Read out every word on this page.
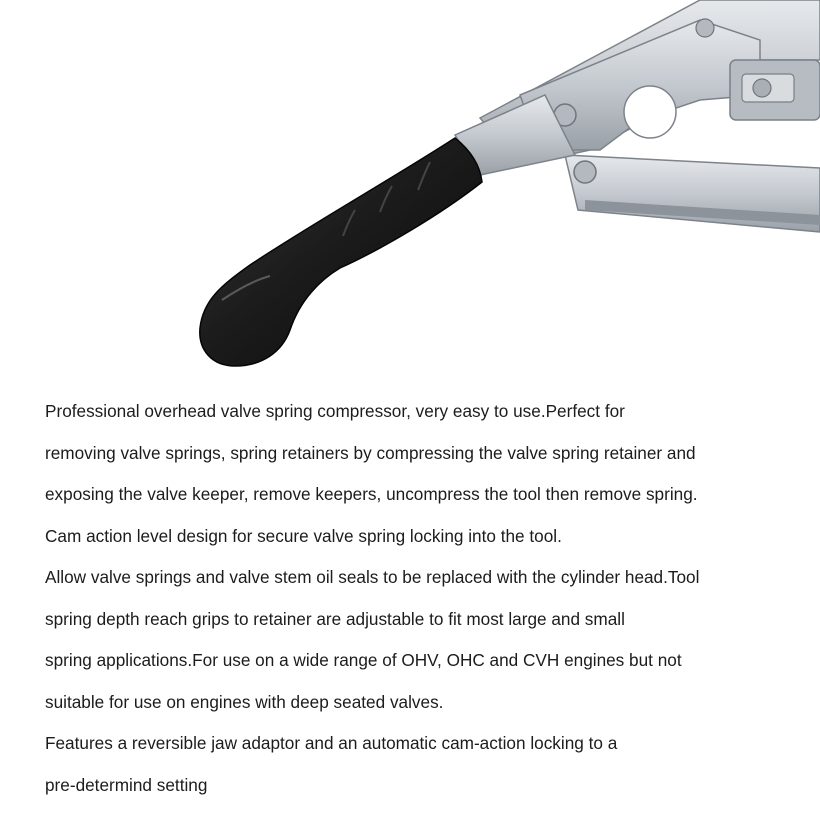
Professional overhead valve spring compressor, very easy to use.Perfect for
removing valve springs, spring retainers by compressing the valve spring retainer and
exposing the valve keeper, remove keepers, uncompress the tool then remove spring.
Cam action level design for secure valve spring locking into the tool.
Allow valve springs and valve stem oil seals to be replaced with the cylinder head.Tool
spring depth reach grips to retainer are adjustable to fit most large and small
spring applications.For use on a wide range of OHV, OHC and CVH engines but not
suitable for use on engines with deep seated valves.
Features a reversible jaw adaptor and an automatic cam-action locking to a
pre-determind setting
